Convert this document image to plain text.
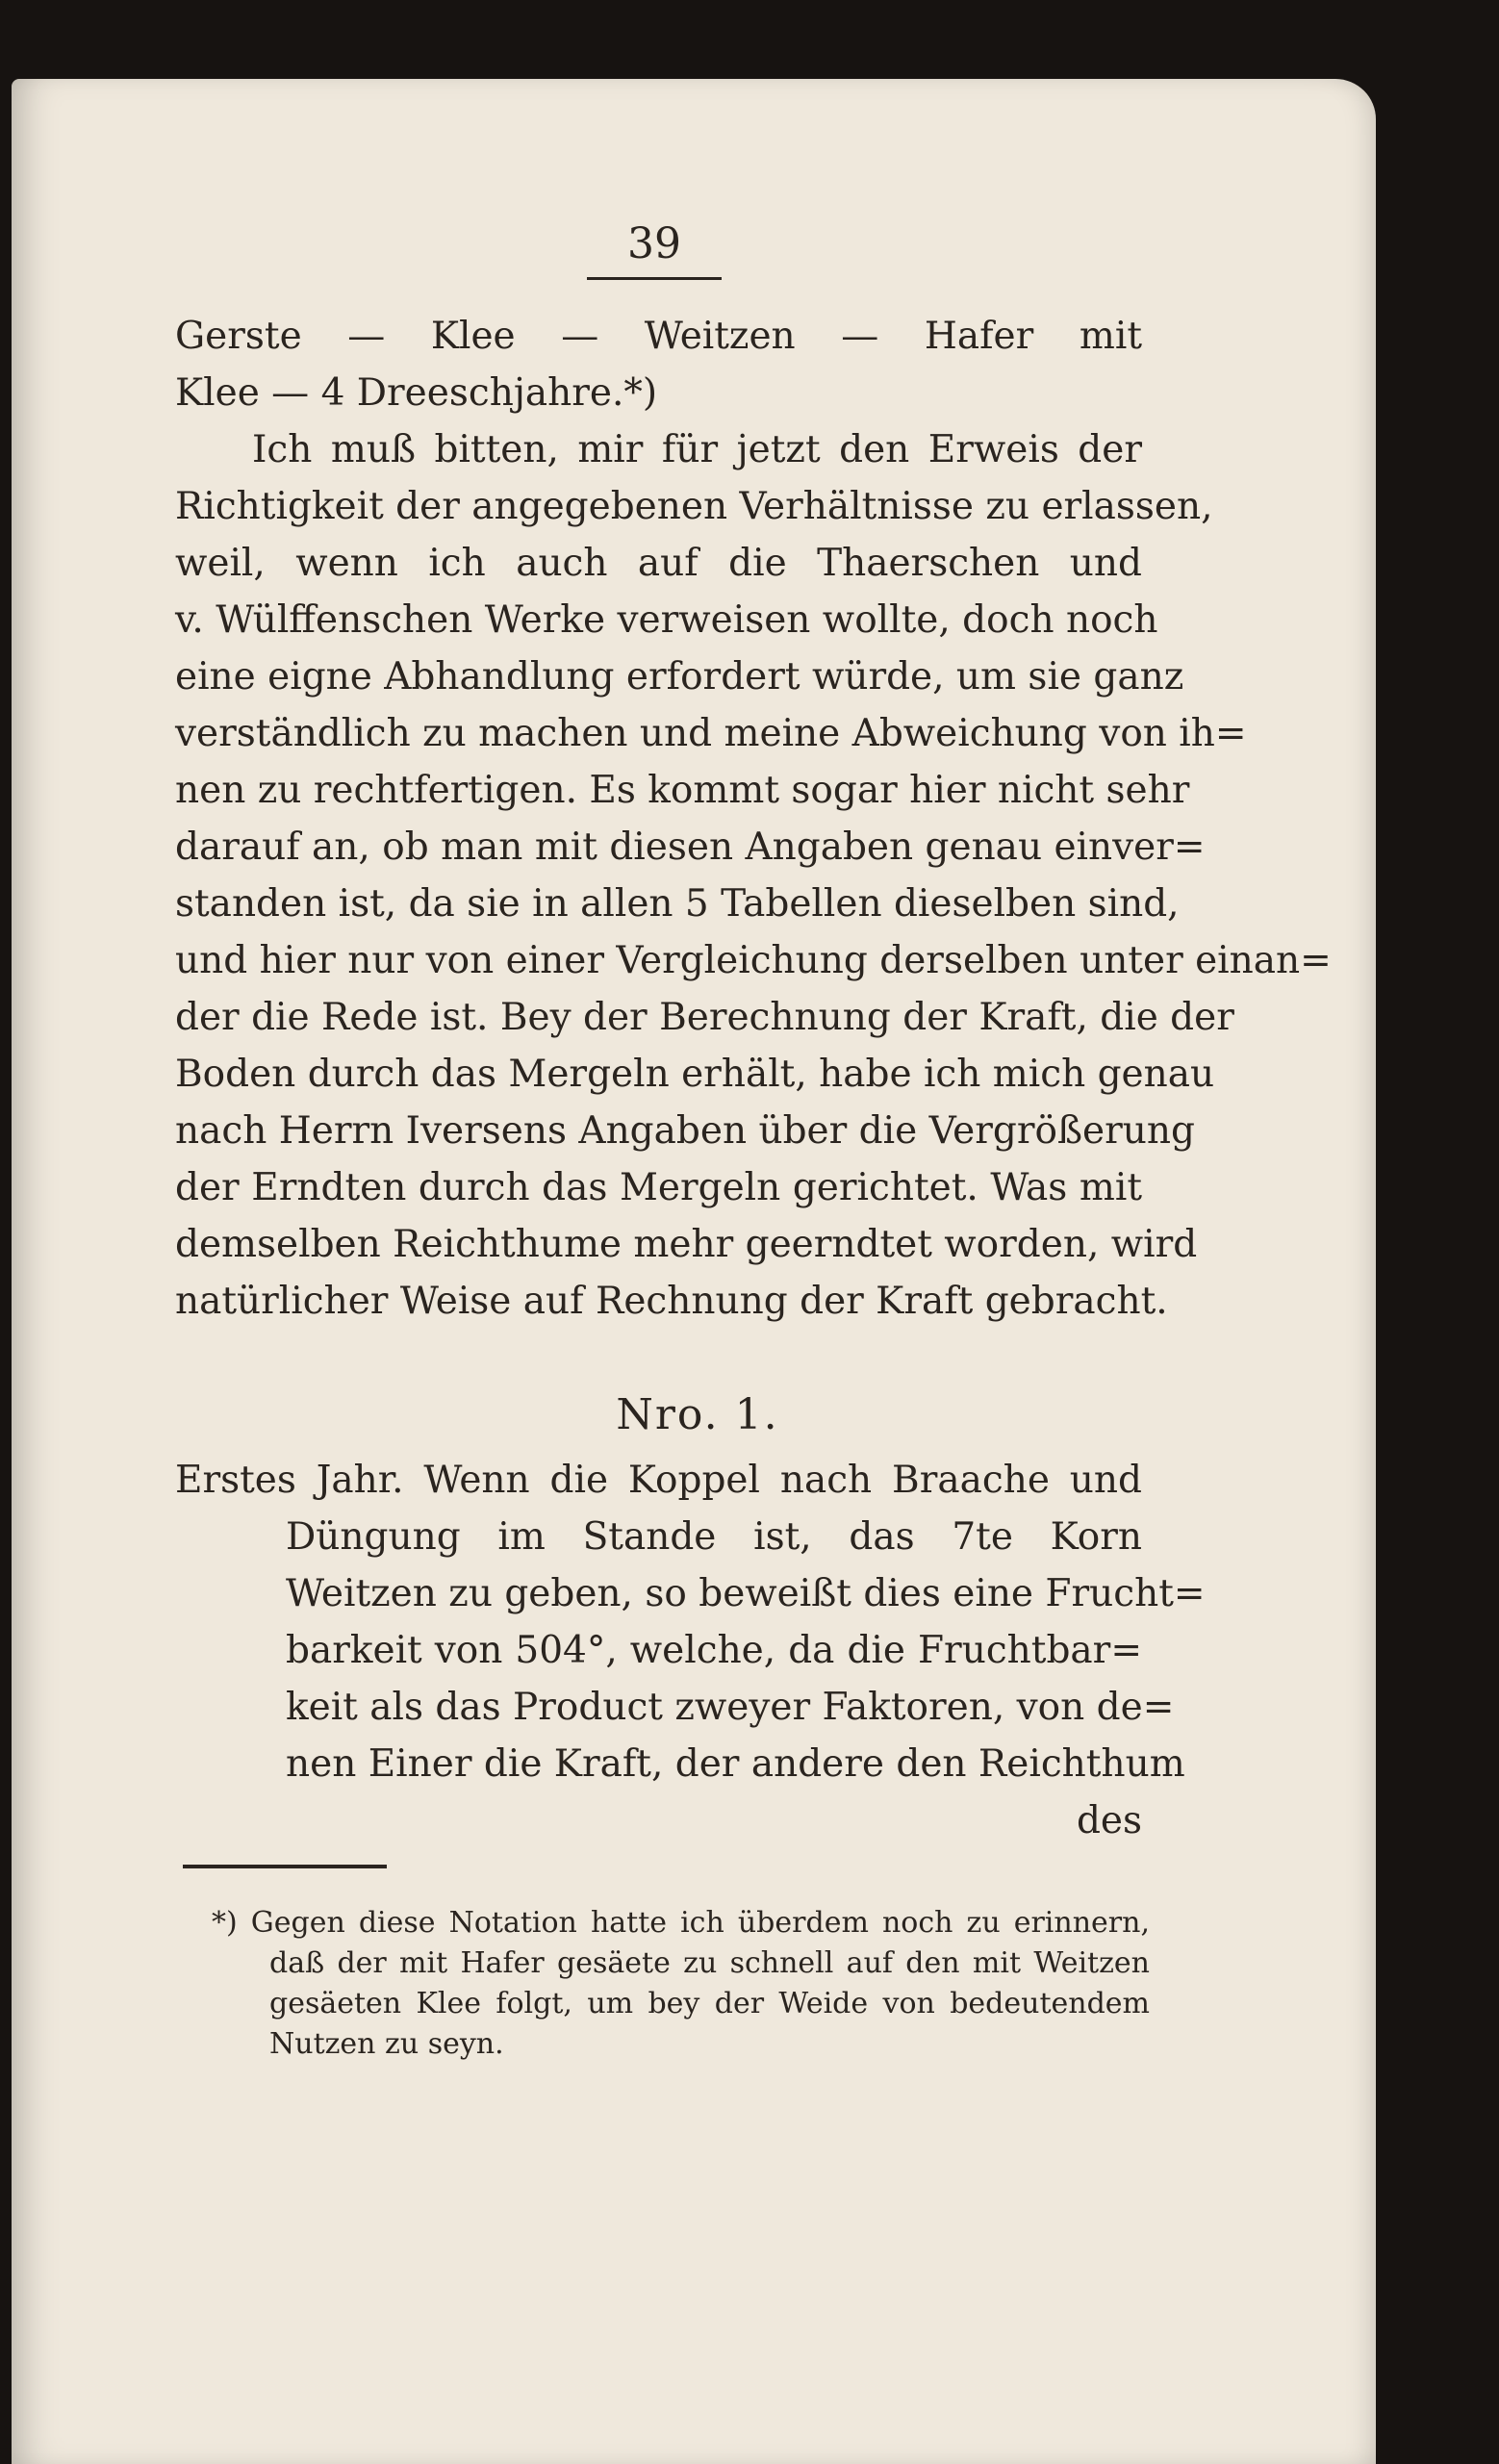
39
Gerste — Klee — Weitzen — Hafer mit
Klee — 4 Dreeschjahre.*)
Ich muß bitten, mir für jetzt den Erweis der
Richtigkeit der angegebenen Verhältnisse zu erlassen,
weil, wenn ich auch auf die Thaerschen und
v. Wülffenschen Werke verweisen wollte, doch noch
eine eigne Abhandlung erfordert würde, um sie ganz
verständlich zu machen und meine Abweichung von ih=
nen zu rechtfertigen. Es kommt sogar hier nicht sehr
darauf an, ob man mit diesen Angaben genau einver=
standen ist, da sie in allen 5 Tabellen dieselben sind,
und hier nur von einer Vergleichung derselben unter einan=
der die Rede ist. Bey der Berechnung der Kraft, die der
Boden durch das Mergeln erhält, habe ich mich genau
nach Herrn Iversens Angaben über die Vergrößerung
der Erndten durch das Mergeln gerichtet. Was mit
demselben Reichthume mehr geerndtet worden, wird
natürlicher Weise auf Rechnung der Kraft gebracht.
Nro. 1.
Erstes Jahr. Wenn die Koppel nach Braache und
Düngung im Stande ist, das 7te Korn
Weitzen zu geben, so beweißt dies eine Frucht=
barkeit von 504°, welche, da die Fruchtbar=
keit als das Product zweyer Faktoren, von de=
nen Einer die Kraft, der andere den Reichthum
des
*) Gegen diese Notation hatte ich überdem noch zu erinnern,
daß der mit Hafer gesäete zu schnell auf den mit Weitzen
gesäeten Klee folgt, um bey der Weide von bedeutendem
Nutzen zu seyn.
